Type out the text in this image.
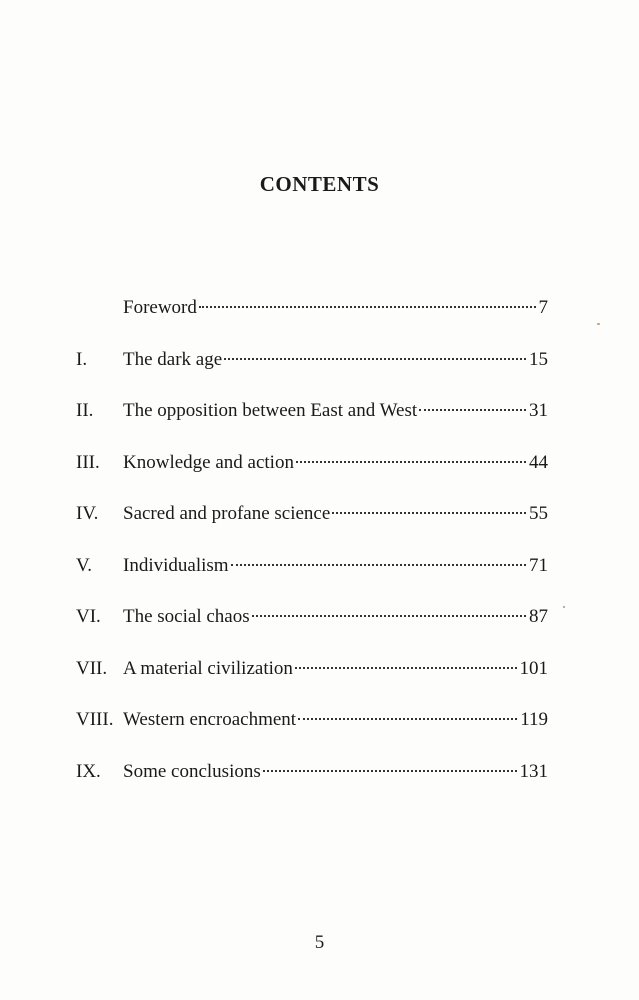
CONTENTS
Foreword	7
I.	The dark age	15
II.	The opposition between East and West	31
III.	Knowledge and action	44
IV.	Sacred and profane science	55
V.	Individualism	71
VI.	The social chaos	87
VII. A material civilization	101
VIII. Western encroachment	119
IX.	Some conclusions	131
5
